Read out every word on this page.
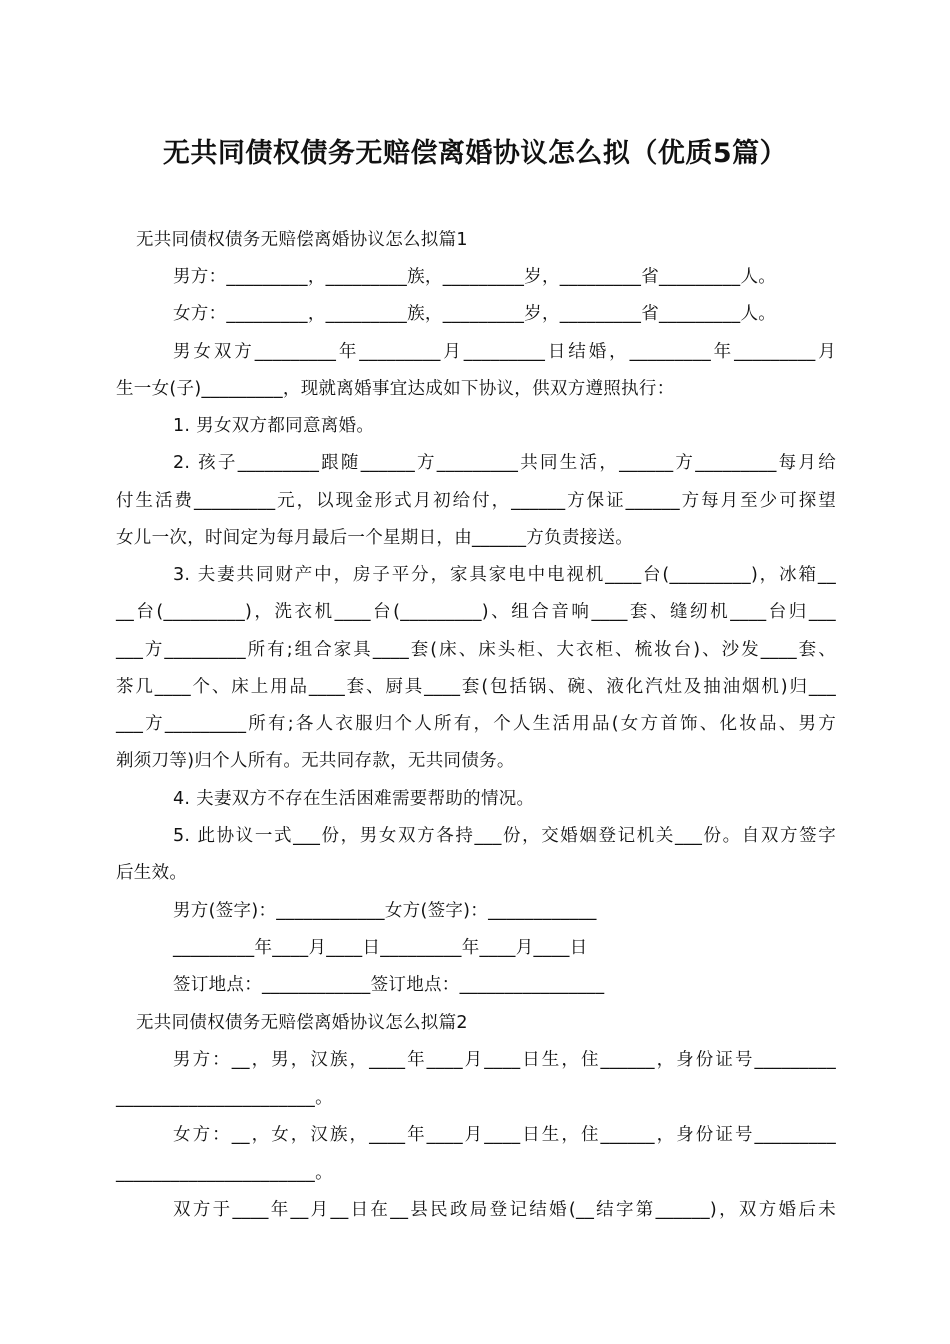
无共同债权债务无赔偿离婚协议怎么拟（优质5篇）
无共同债权债务无赔偿离婚协议怎么拟篇1
男方：_________，_________族，_________岁，_________省_________人。
女方：_________，_________族，_________岁，_________省_________人。
男女双方_________年_________月_________日结婚，_________年_________月
生一女(子)_________，现就离婚事宜达成如下协议，供双方遵照执行：
1. 男女双方都同意离婚。
2. 孩子_________跟随______方_________共同生活，______方_________每月给
付生活费_________元，以现金形式月初给付，______方保证______方每月至少可探望
女儿一次，时间定为每月最后一个星期日，由______方负责接送。
3. 夫妻共同财产中，房子平分，家具家电中电视机____台(_________)，冰箱__
__台(_________)，洗衣机____台(_________)、组合音响____套、缝纫机____台归___
___方_________所有;组合家具____套(床、床头柜、大衣柜、梳妆台)、沙发____套、
茶几____个、床上用品____套、厨具____套(包括锅、碗、液化汽灶及抽油烟机)归___
___方_________所有;各人衣服归个人所有，个人生活用品(女方首饰、化妆品、男方
剃须刀等)归个人所有。无共同存款，无共同债务。
4. 夫妻双方不存在生活困难需要帮助的情况。
5. 此协议一式___份，男女双方各持___份，交婚姻登记机关___份。自双方签字
后生效。
男方(签字)：____________女方(签字)：____________
_________年____月____日_________年____月____日
签订地点：____________签订地点：________________
无共同债权债务无赔偿离婚协议怎么拟篇2
男方：__，男，汉族，____年____月____日生，住______，身份证号_________
______________________。
女方：__，女，汉族，____年____月____日生，住______，身份证号_________
______________________。
双方于____年__月__日在__县民政局登记结婚(__结字第______)，双方婚后未
